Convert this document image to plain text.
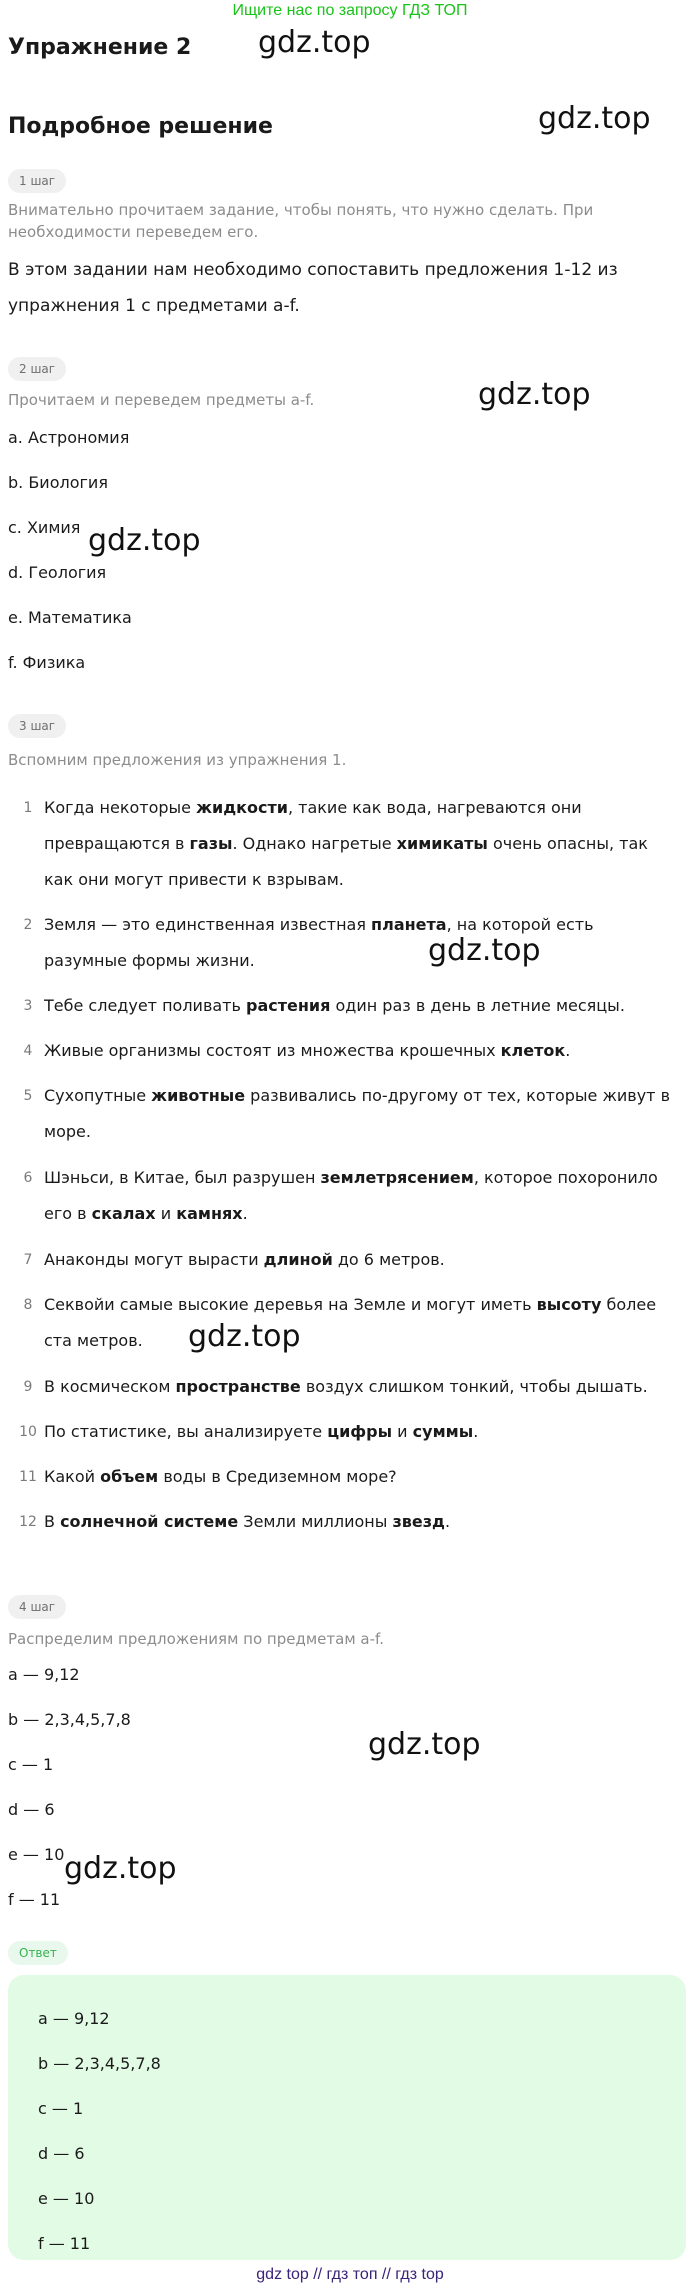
Ищите нас по запросу ГДЗ ТОП
Упражнение 2
Подробное решение
gdz.top
gdz.top
gdz.top
gdz.top
gdz.top
gdz.top
gdz.top
gdz.top
1 шаг
Внимательно прочитаем задание, чтобы понять, что нужно сделать. При необходимости переведем его.
В этом задании нам необходимо сопоставить предложения 1-12 из упражнения 1 с предметами a-f.
2 шаг
Прочитаем и переведем предметы a-f.
a. Астрономия
b. Биология
c. Химия
d. Геология
e. Математика
f. Физика
3 шаг
Вспомним предложения из упражнения 1.
1 Когда некоторые жидкости, такие как вода, нагреваются они превращаются в газы. Однако нагретые химикаты очень опасны, так как они могут привести к взрывам.
2 Земля — это единственная известная планета, на которой есть разумные формы жизни.
3 Тебе следует поливать растения один раз в день в летние месяцы.
4 Живые организмы состоят из множества крошечных клеток.
5 Сухопутные животные развивались по-другому от тех, которые живут в море.
6 Шэньси, в Китае, был разрушен землетрясением, которое похоронило его в скалах и камнях.
7 Анаконды могут вырасти длиной до 6 метров.
8 Секвойи самые высокие деревья на Земле и могут иметь высоту более ста метров.
9 В космическом пространстве воздух слишком тонкий, чтобы дышать.
10 По статистике, вы анализируете цифры и суммы.
11 Какой объем воды в Средиземном море?
12 В солнечной системе Земли миллионы звезд.
4 шаг
Распределим предложениям по предметам a-f.
a — 9,12
b — 2,3,4,5,7,8
c — 1
d — 6
e — 10
f — 11
Ответ
a — 9,12
b — 2,3,4,5,7,8
c — 1
d — 6
e — 10
f — 11
gdz top // гдз топ // гдз top
